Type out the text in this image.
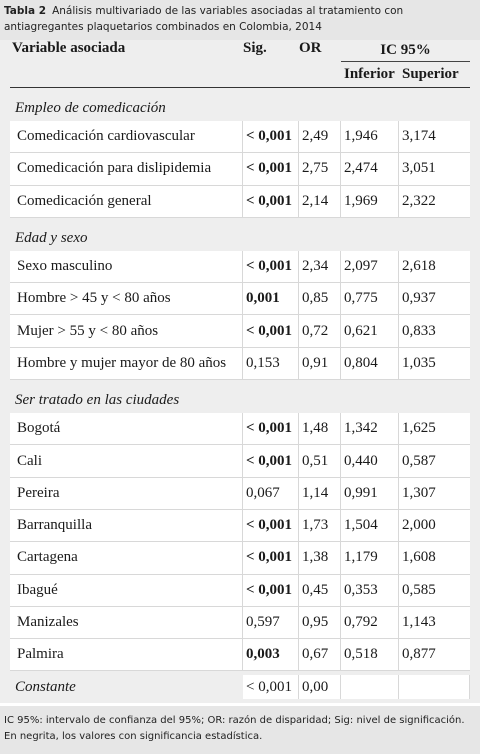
Tabla 2 Análisis multivariado de las variables asociadas al tratamiento con antiagregantes plaquetarios combinados en Colombia, 2014
Variable asociada	Sig.	OR	IC 95%	
			Inferior	Superior

Empleo de comedicación				
Comedicación cardiovascular	< 0,001	2,49	1,946	3,174
Comedicación para dislipidemia	< 0,001	2,75	2,474	3,051
Comedicación general	< 0,001	2,14	1,969	2,322

Edad y sexo				
Sexo masculino	< 0,001	2,34	2,097	2,618
Hombre > 45 y < 80 años	0,001	0,85	0,775	0,937
Mujer > 55 y < 80 años	< 0,001	0,72	0,621	0,833
Hombre y mujer mayor de 80 años	0,153	0,91	0,804	1,035

Ser tratado en las ciudades				
Bogotá	< 0,001	1,48	1,342	1,625
Cali	< 0,001	0,51	0,440	0,587
Pereira	0,067	1,14	0,991	1,307
Barranquilla	< 0,001	1,73	1,504	2,000
Cartagena	< 0,001	1,38	1,179	1,608
Ibagué	< 0,001	0,45	0,353	0,585
Manizales	0,597	0,95	0,792	1,143
Palmira	0,003	0,67	0,518	0,877

Constante	< 0,001	0,00		
IC 95%: intervalo de confianza del 95%; OR: razón de disparidad; Sig: nivel de significación. En negrita, los valores con significancia estadística.
